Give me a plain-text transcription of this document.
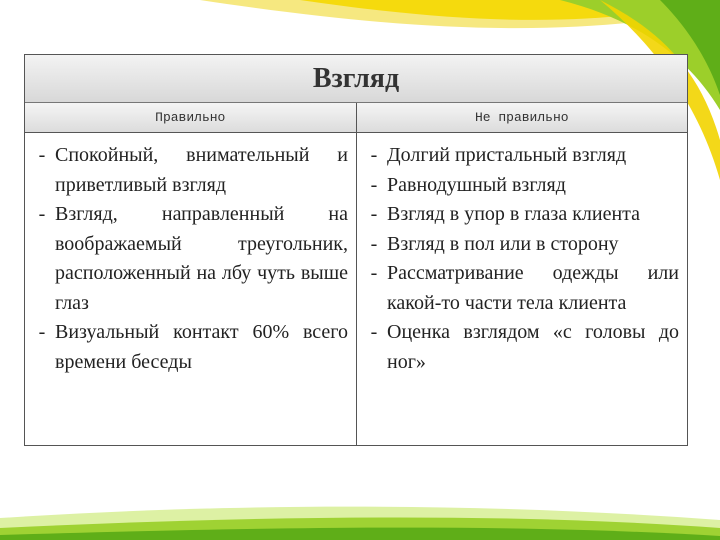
Взгляд
Правильно	Не правильно
- Спокойный, внимательный и приветливый взгляд
- Взгляд, направленный на воображаемый треугольник, расположенный на лбу чуть выше глаз
- Визуальный контакт 60% всего времени беседы
- Долгий пристальный взгляд
- Равнодушный взгляд
- Взгляд в упор в глаза клиента
- Взгляд в пол или в сторону
- Рассматривание одежды или какой-то части тела клиента
- Оценка взглядом «с головы до ног»
